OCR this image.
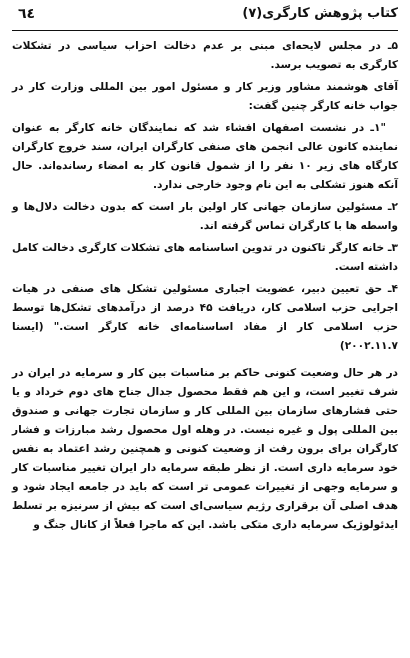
کتاب پژوهش کارگری(۷)
٦٤

۵ـ در مجلس لایحه‌ای مبنی بر عدم دخالت احزاب سیاسی در تشکلات کارگری به تصویب برسد.

آقای هوشمند مشاور وزیر کار و مسئول امور بین المللی وزارت کار در جواب خانه کارگر چنین گفت:

"۱ـ در نشست اصفهان افشاء شد که نمایندگان خانه کارگر به عنوان نماینده کانون عالی انجمن های صنفی کارگران ایران، سند خروج کارگران کارگاه های زیر ۱۰ نفر را از شمول قانون کار به امضاء رسانده‌اند. حال آنکه هنوز تشکلی به این نام وجود خارجی ندارد.

۲ـ مسئولین سازمان جهانی کار اولین بار است که بدون دخالت دلال‌ها و واسطه ها با کارگران تماس گرفته اند.

۳ـ خانه کارگر تاکنون در تدوین اساسنامه های تشکلات کارگری دخالت کامل داشته است.

۴ـ حق تعیین دبیر، عضویت اجباری مسئولین تشکل های صنفی در هیات اجرایی حزب اسلامی کار، دریافت ۴۵ درصد از درآمدهای تشکل‌ها توسط حزب اسلامی کار از مفاد اساسنامه‌ای خانه کارگر است." (ایسنا ۲۰۰۲.۱۱.۷)

در هر حال وضعیت کنونی حاکم بر مناسبات بین کار و سرمایه در ایران در شرف تغییر است، و این هم فقط محصول جدال جناح های دوم خرداد و یا حتی فشارهای سازمان بین المللی کار و سازمان تجارت جهانی و صندوق بین المللی پول و غیره نیست. در وهله اول محصول رشد مبارزات و فشار کارگران برای برون رفت از وضعیت کنونی و همچنین رشد اعتماد به نفس خود سرمایه داری است. از نظر طبقه سرمایه دار ایران تغییر مناسبات کار و سرمایه وجهی از تغییرات عمومی تر است که باید در جامعه ایجاد شود و هدف اصلی آن برقراری رژیم سیاسی‌ای است که بیش از سرنیزه بر تسلط ایدئولوژیک سرمایه داری متکی باشد. این که ماجرا فعلاً از کانال جنگ و
